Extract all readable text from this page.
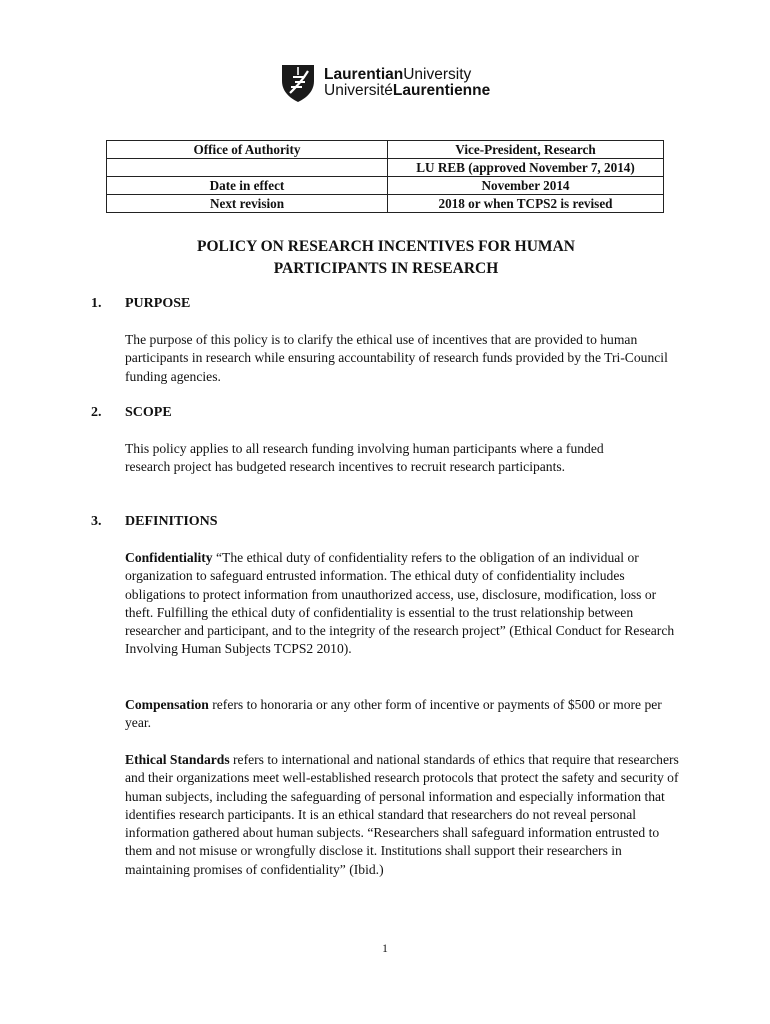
LaurentianUniversity
UniversitéLaurentienne
Office of Authority	Vice-President, Research
	LU REB (approved November 7, 2014)
Date in effect	November 2014
Next revision	2018 or when TCPS2 is revised
POLICY ON RESEARCH INCENTIVES FOR HUMAN
PARTICIPANTS IN RESEARCH
1. PURPOSE
The purpose of this policy is to clarify the ethical use of incentives that are provided to human participants in research while ensuring accountability of research funds provided by the Tri-Council funding agencies.
2. SCOPE
This policy applies to all research funding involving human participants where a funded research project has budgeted research incentives to recruit research participants.
3. DEFINITIONS
Confidentiality “The ethical duty of confidentiality refers to the obligation of an individual or organization to safeguard entrusted information. The ethical duty of confidentiality includes obligations to protect information from unauthorized access, use, disclosure, modification, loss or theft. Fulfilling the ethical duty of confidentiality is essential to the trust relationship between researcher and participant, and to the integrity of the research project” (Ethical Conduct for Research Involving Human Subjects TCPS2 2010).
Compensation refers to honoraria or any other form of incentive or payments of $500 or more per year.
Ethical Standards refers to international and national standards of ethics that require that researchers and their organizations meet well-established research protocols that protect the safety and security of human subjects, including the safeguarding of personal information and especially information that identifies research participants. It is an ethical standard that researchers do not reveal personal information gathered about human subjects. “Researchers shall safeguard information entrusted to them and not misuse or wrongfully disclose it. Institutions shall support their researchers in maintaining promises of confidentiality” (Ibid.)
1
